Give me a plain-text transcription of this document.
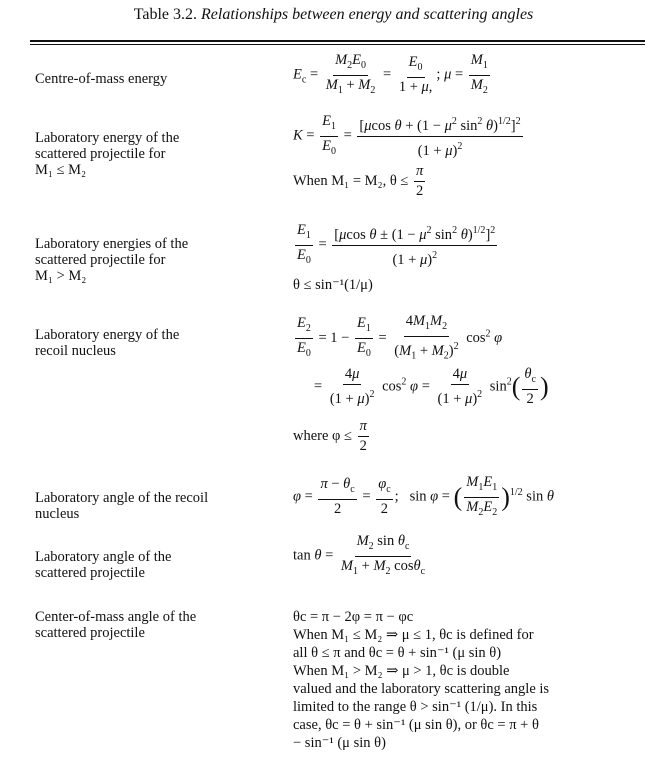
Table 3.2. Relationships between energy and scattering angles
Centre-of-mass energy	$E_c = \frac{M_2E_0}{M_1 + M_2} = \frac{E_0}{1 + \mu,}$ ; $\mu = \frac{M_1}{M_2}$
Laboratory energy of the
scattered projectile for
M₁ ≤ M₂
$K = \frac{E_1}{E_0} = \frac{[\mu\cos \theta + (1 - \mu^2 \sin^2 \theta)^{1/2}]^2}{(1 + \mu)^2}$
When M₁ = M₂, $\theta \le \frac{\pi}{2}$
Laboratory energies of the
scattered projectile for
M₁ > M₂
$\frac{E_1}{E_0} = \frac{[\mu\cos \theta \pm (1 - \mu^2 \sin^2 \theta)^{1/2}]^2}{(1 + \mu)^2}$
θ ≤ sin⁻¹(1/μ)
Laboratory energy of the
recoil nucleus	$\frac{E_2}{E_0} = 1 - \frac{E_1}{E_0} = \frac{4M_1M_2}{(M_1 + M_2)^2} \cos^2 \varphi$
= $\frac{4\mu}{(1 + \mu)^2} \cos^2 \varphi = \frac{4\mu}{(1 + \mu)^2} \sin^2( \frac{\theta_c}{2}$ )
where $\varphi \le \frac{\pi}{2}$
Laboratory angle of the recoil
nucleus
$\varphi = \frac{\pi - \theta_c}{2} = \frac{\varphi_c}{2}$ ;   sin φ = ( $\frac{M_1E_1}{M_2E_2} )^{1/2}$ sin θ
Laboratory angle of the
scattered projectile
$\tan \theta = \frac{M_2 \sin \theta_c}{M_1 + M_2 \cos\theta_c}$
Center-of-mass angle of the
scattered projectile
θc = π − 2φ = π − φc
When M₁ ≤ M₂ ⇒ μ ≤ 1, θc is defined for
all θ ≤ π and θc = θ + sin⁻¹ (μ sin θ)
When M₁ > M₂ ⇒ μ > 1, θc is double
valued and the laboratory scattering angle is
limited to the range θ > sin⁻¹ (1/μ). In this
case, θc = θ + sin⁻¹ (μ sin θ), or θc = π + θ
− sin⁻¹ (μ sin θ)
